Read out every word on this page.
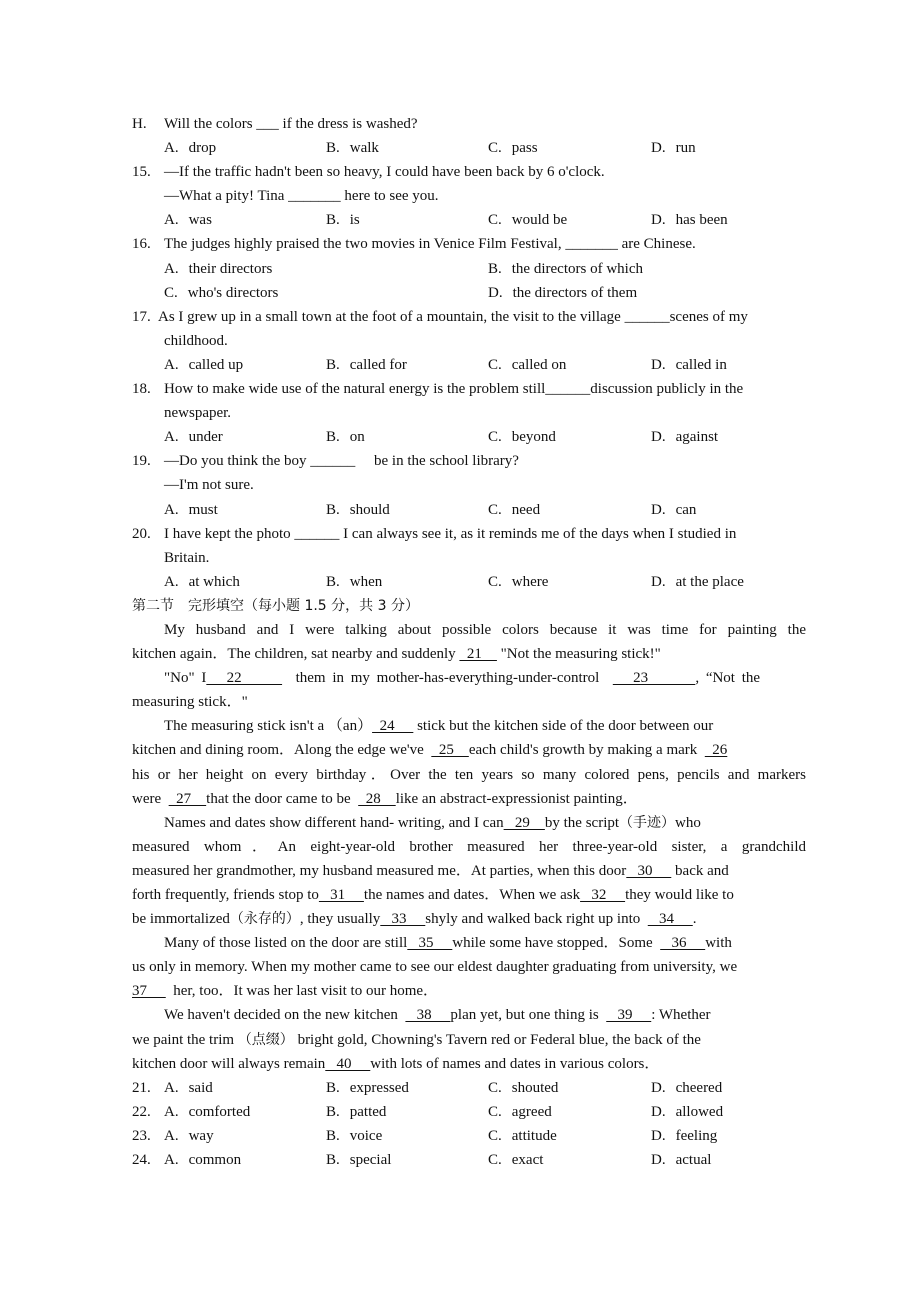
H. Will the colors ___ if the dress is washed?
A. drop	B. walk	C. pass	D. run
15. —If the traffic hadn't been so heavy, I could have been back by 6 o'clock.
—What a pity! Tina _______ here to see you.
A. was	B. is	C. would be	D. has been
16. The judges highly praised the two movies in Venice Film Festival, _______ are Chinese.
A. their directors	B. the directors of which
C. who's directors	D. the directors of them
17. As I grew up in a small town at the foot of a mountain, the visit to the village ______scenes of my
childhood.
A. called up	B. called for	C. called on	D. called in
18. How to make wide use of the natural energy is the problem still______discussion publicly in the
newspaper.
A. under	B. on	C. beyond	D. against
19. —Do you think the boy ______     be in the school library?
—I'm not sure.
A. must	B. should	C. need	D. can
20. I have kept the photo ______ I can always see it, as it reminds me of the days when I studied in
Britain.
A. at which	B. when	C. where	D. at the place
第二节　完形填空（每小题 1.5 分，共 3 分）
My husband and I were talking about possible colors because it was time for painting the
kitchen again．The children, sat nearby and suddenly   21     "Not the measuring stick!"
"No" I   22        them in my mother-has-everything-under-control     23       , “Not the
measuring stick．"
The measuring stick isn't a （an）  24      stick but the kitchen side of the door between our
kitchen and dining room．Along the edge we've    25    each child's growth by making a mark    26
his or her height on every birthday．Over the ten years so many colored pens, pencils and markers
were    27    that the door came to be    28    like an abstract-expressionist painting．
Names and dates show different hand- writing, and I can   29    by the script（手迹）who
measured whom．An eight-year-old brother measured her three-year-old sister, a grandchild
measured her grandmother, my husband measured me．At parties, when this door   30      back and
forth frequently, friends stop to   31     the names and dates．When we ask   32     they would like to
be immortalized（永存的）, they usually   33     shyly and walked back right up into     34     .
Many of those listed on the door are still   35     while some have stopped．Some     36     with
us only in memory. When my mother came to see our eldest daughter graduating from university, we
37       her, too．It was her last visit to our home．
We haven't decided on the new kitchen     38     plan yet, but one thing is     39     : Whether
we paint the trim （点缀） bright gold, Chowning's Tavern red or Federal blue, the back of the
kitchen door will always remain   40     with lots of names and dates in various colors．
21. A. said	B. expressed	C. shouted	D. cheered
22. A. comforted	B. patted	C. agreed	D. allowed
23. A. way	B. voice	C. attitude	D. feeling
24. A. common	B. special	C. exact	D. actual
